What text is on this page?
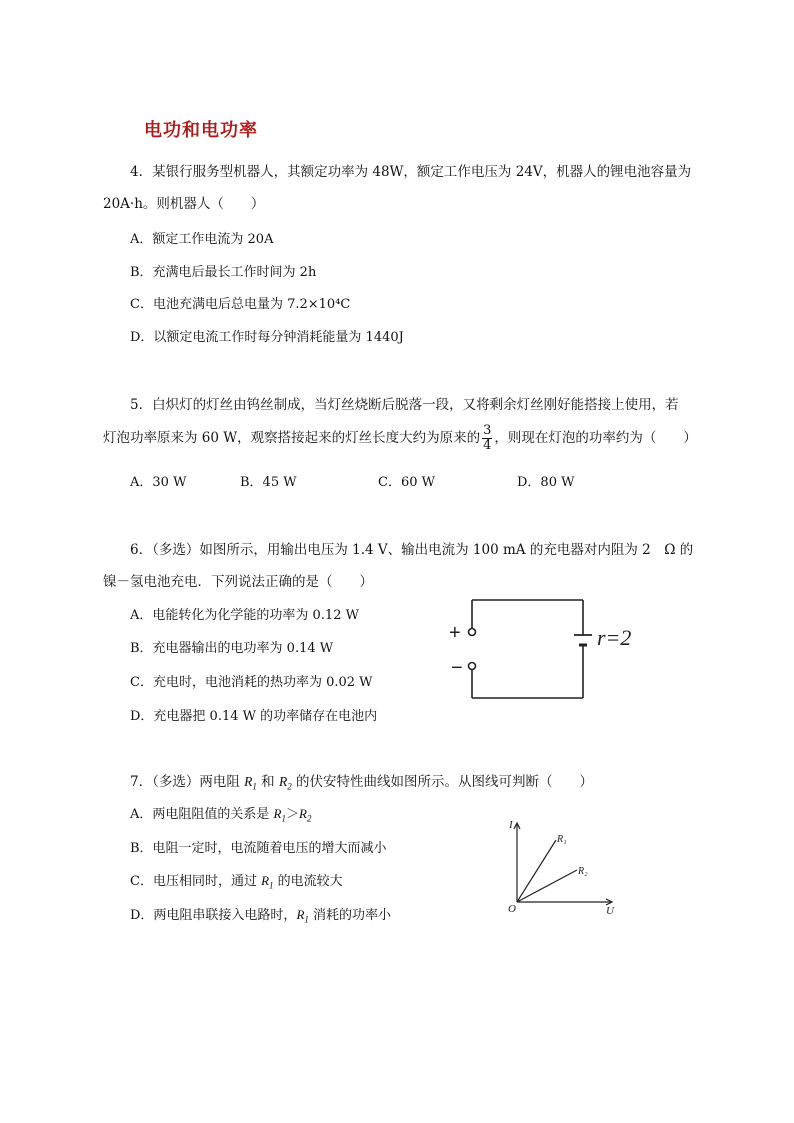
电功和电功率
4．某银行服务型机器人，其额定功率为 48W，额定工作电压为 24V，机器人的锂电池容量为
20A·h。则机器人（　　）
A．额定工作电流为 20A
B．充满电后最长工作时间为 2h
C．电池充满电后总电量为 7.2×10⁴C
D．以额定电流工作时每分钟消耗能量为 1440J
5．白炽灯的灯丝由钨丝制成，当灯丝烧断后脱落一段，又将剩余灯丝刚好能搭接上使用，若
灯泡功率原来为 60 W，观察搭接起来的灯丝长度大约为原来的 $\frac{3}{4}$ ，则现在灯泡的功率约为（　　）
A．30 W	B．45 W	C．60 W	D．80 W
6．（多选）如图所示，用输出电压为 1.4 V、输出电流为 100 mA 的充电器对内阻为 2　Ω 的
镍－氢电池充电．下列说法正确的是（　　）
A．电能转化为化学能的功率为 0.12 W
B．充电器输出的电功率为 0.14 W
C．充电时，电池消耗的热功率为 0.02 W
D．充电器把 0.14 W 的功率储存在电池内
+
−
r=2
7．（多选）两电阻 $R_1$ 和 $R_2$ 的伏安特性曲线如图所示。从图线可判断（　　）
A．两电阻阻值的关系是 $R_1>R_2$
B．电阻一定时，电流随着电压的增大而减小
C．电压相同时，通过 $R_1$ 的电流较大
D．两电阻串联接入电路时，$R_1$ 消耗的功率小
I
U
O
R₁
R₂
